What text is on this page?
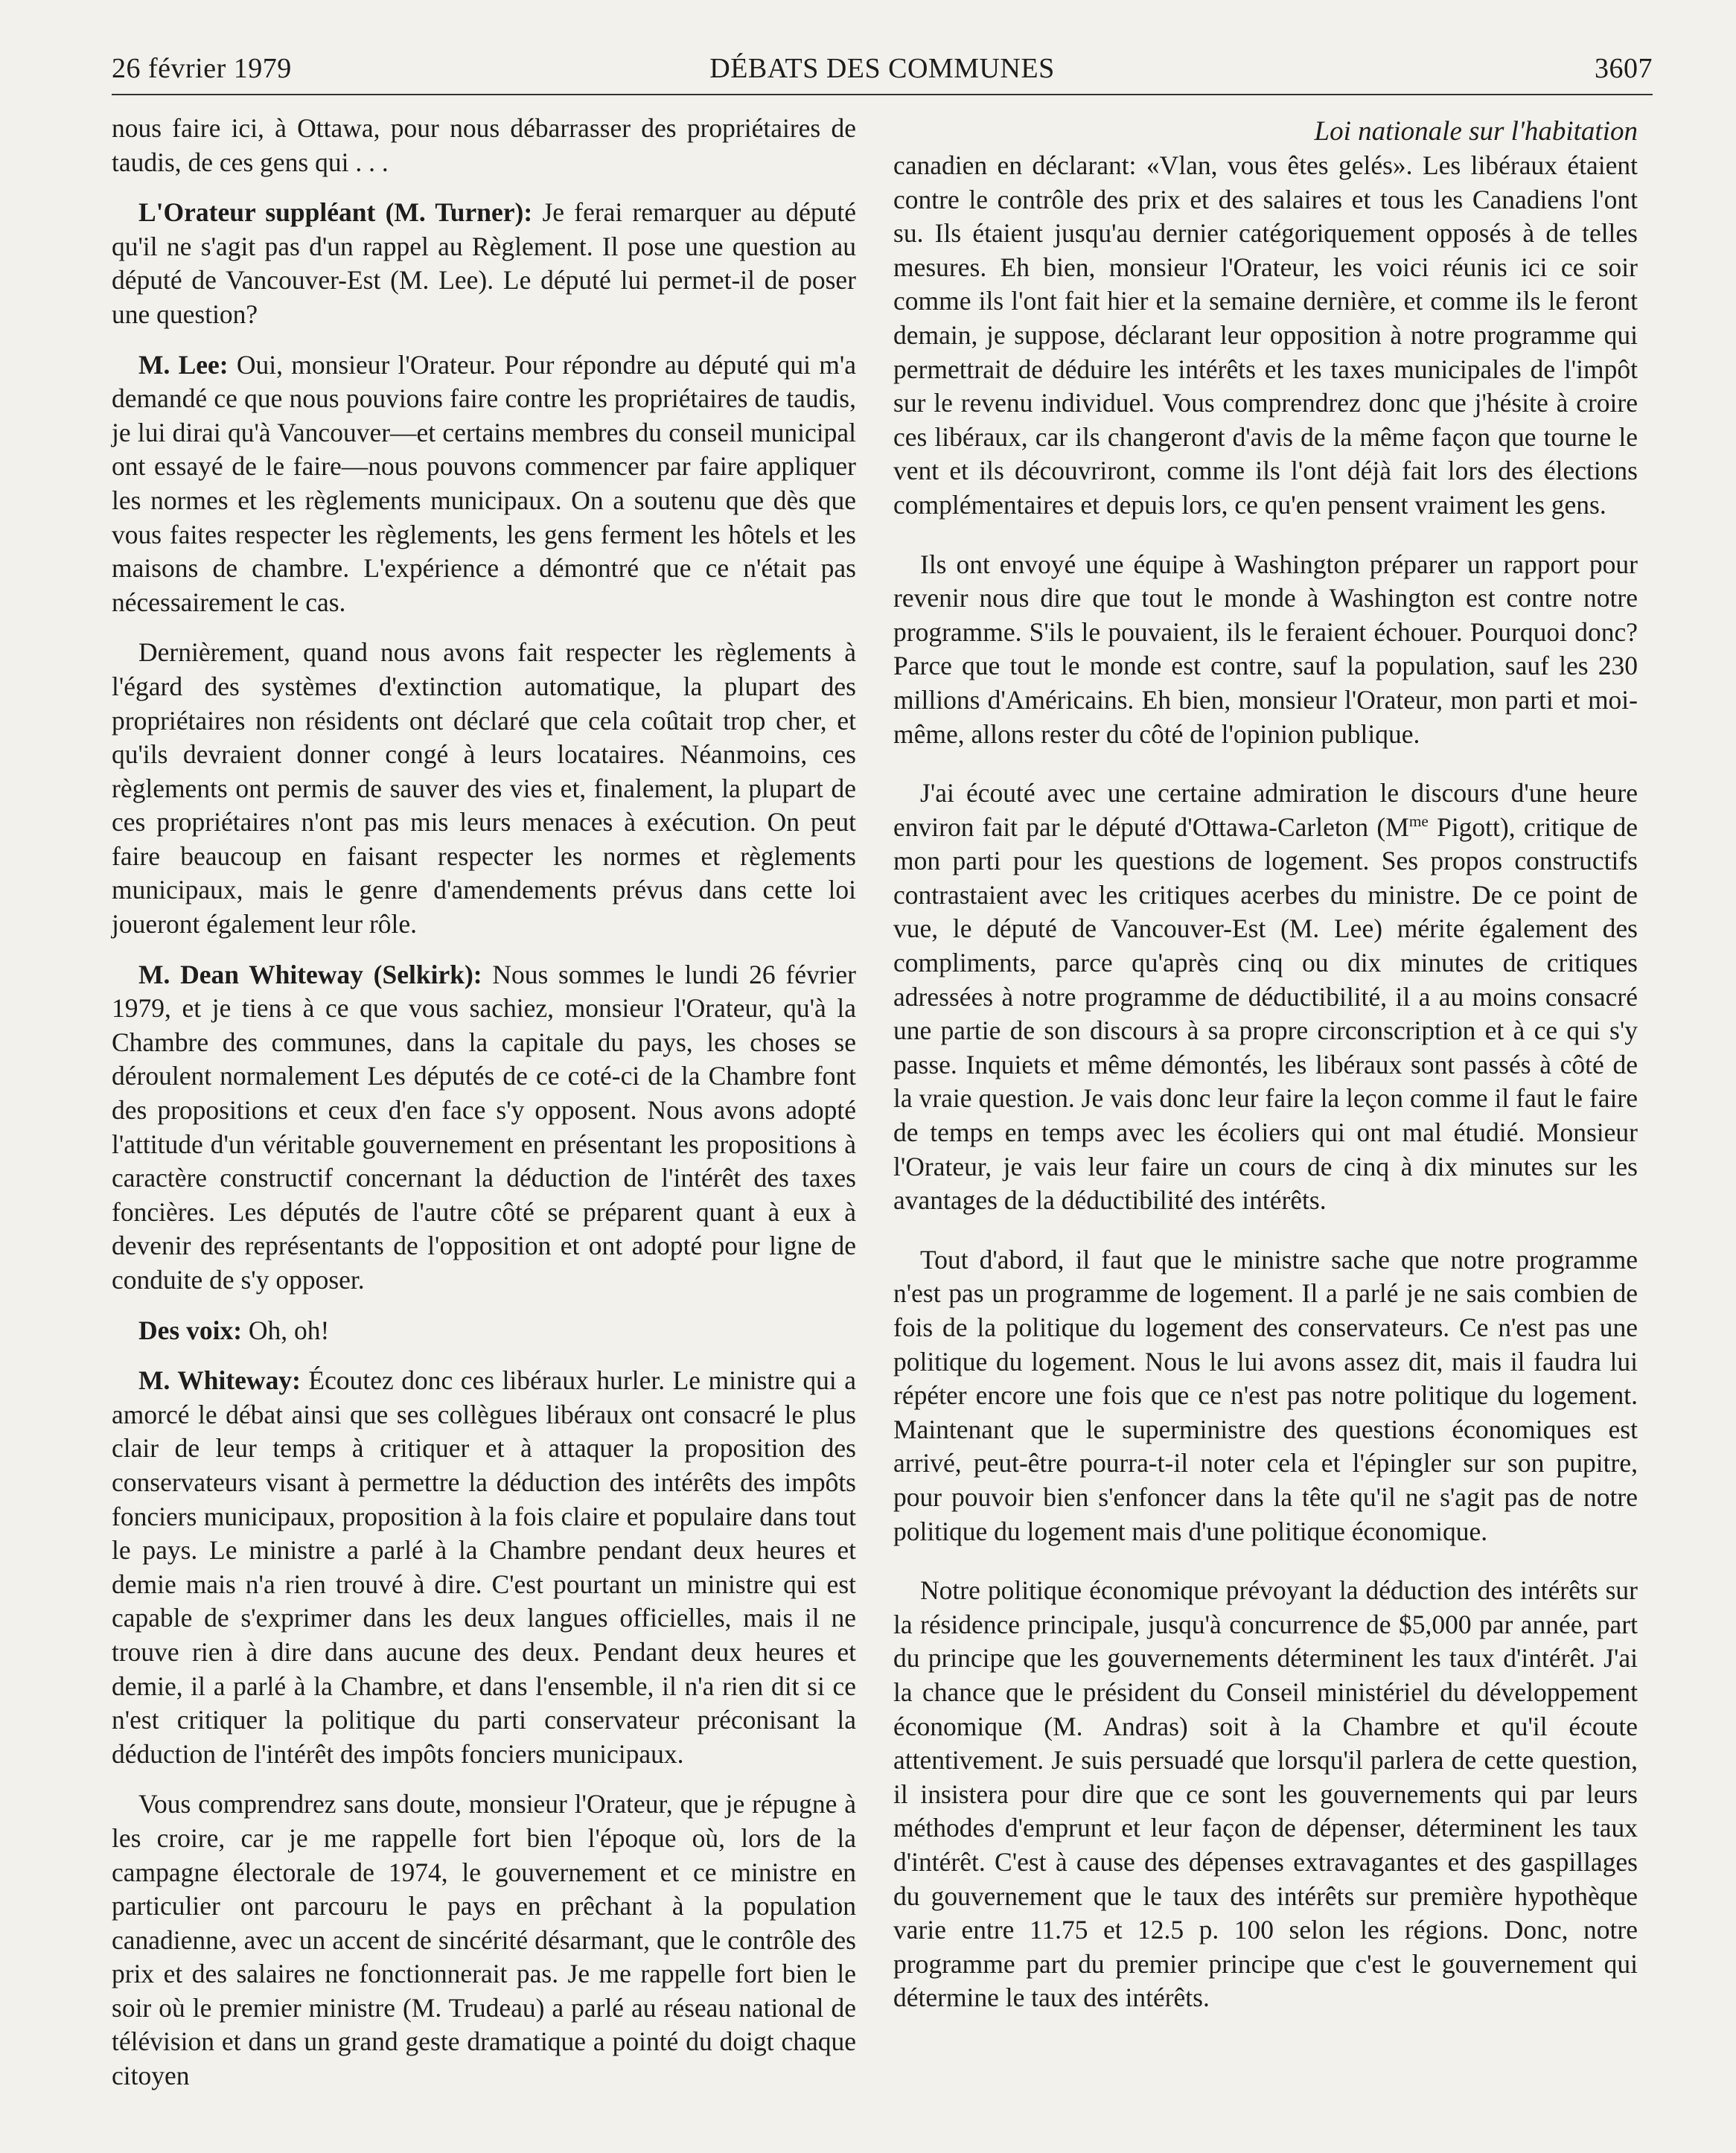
26 février 1979	DÉBATS DES COMMUNES	3607

nous faire ici, à Ottawa, pour nous débarrasser des propriétaires de taudis, de ces gens qui . . .

L'Orateur suppléant (M. Turner): Je ferai remarquer au député qu'il ne s'agit pas d'un rappel au Règlement. Il pose une question au député de Vancouver-Est (M. Lee). Le député lui permet-il de poser une question?

M. Lee: Oui, monsieur l'Orateur. Pour répondre au député qui m'a demandé ce que nous pouvions faire contre les propriétaires de taudis, je lui dirai qu'à Vancouver—et certains membres du conseil municipal ont essayé de le faire—nous pouvons commencer par faire appliquer les normes et les règlements municipaux. On a soutenu que dès que vous faites respecter les règlements, les gens ferment les hôtels et les maisons de chambre. L'expérience a démontré que ce n'était pas nécessairement le cas.

Dernièrement, quand nous avons fait respecter les règlements à l'égard des systèmes d'extinction automatique, la plupart des propriétaires non résidents ont déclaré que cela coûtait trop cher, et qu'ils devraient donner congé à leurs locataires. Néanmoins, ces règlements ont permis de sauver des vies et, finalement, la plupart de ces propriétaires n'ont pas mis leurs menaces à exécution. On peut faire beaucoup en faisant respecter les normes et règlements municipaux, mais le genre d'amendements prévus dans cette loi joueront également leur rôle.

M. Dean Whiteway (Selkirk): Nous sommes le lundi 26 février 1979, et je tiens à ce que vous sachiez, monsieur l'Orateur, qu'à la Chambre des communes, dans la capitale du pays, les choses se déroulent normalement Les députés de ce coté-ci de la Chambre font des propositions et ceux d'en face s'y opposent. Nous avons adopté l'attitude d'un véritable gouvernement en présentant les propositions à caractère constructif concernant la déduction de l'intérêt des taxes foncières. Les députés de l'autre côté se préparent quant à eux à devenir des représentants de l'opposition et ont adopté pour ligne de conduite de s'y opposer.

Des voix: Oh, oh!

M. Whiteway: Écoutez donc ces libéraux hurler. Le ministre qui a amorcé le débat ainsi que ses collègues libéraux ont consacré le plus clair de leur temps à critiquer et à attaquer la proposition des conservateurs visant à permettre la déduction des intérêts des impôts fonciers municipaux, proposition à la fois claire et populaire dans tout le pays. Le ministre a parlé à la Chambre pendant deux heures et demie mais n'a rien trouvé à dire. C'est pourtant un ministre qui est capable de s'exprimer dans les deux langues officielles, mais il ne trouve rien à dire dans aucune des deux. Pendant deux heures et demie, il a parlé à la Chambre, et dans l'ensemble, il n'a rien dit si ce n'est critiquer la politique du parti conservateur préconisant la déduction de l'intérêt des impôts fonciers municipaux.

Vous comprendrez sans doute, monsieur l'Orateur, que je répugne à les croire, car je me rappelle fort bien l'époque où, lors de la campagne électorale de 1974, le gouvernement et ce ministre en particulier ont parcouru le pays en prêchant à la population canadienne, avec un accent de sincérité désarmant, que le contrôle des prix et des salaires ne fonctionnerait pas. Je me rappelle fort bien le soir où le premier ministre (M. Trudeau) a parlé au réseau national de télévision et dans un grand geste dramatique a pointé du doigt chaque citoyen

Loi nationale sur l'habitation

canadien en déclarant: «Vlan, vous êtes gelés». Les libéraux étaient contre le contrôle des prix et des salaires et tous les Canadiens l'ont su. Ils étaient jusqu'au dernier catégoriquement opposés à de telles mesures. Eh bien, monsieur l'Orateur, les voici réunis ici ce soir comme ils l'ont fait hier et la semaine dernière, et comme ils le feront demain, je suppose, déclarant leur opposition à notre programme qui permettrait de déduire les intérêts et les taxes municipales de l'impôt sur le revenu individuel. Vous comprendrez donc que j'hésite à croire ces libéraux, car ils changeront d'avis de la même façon que tourne le vent et ils découvriront, comme ils l'ont déjà fait lors des élections complémentaires et depuis lors, ce qu'en pensent vraiment les gens.

Ils ont envoyé une équipe à Washington préparer un rapport pour revenir nous dire que tout le monde à Washington est contre notre programme. S'ils le pouvaient, ils le feraient échouer. Pourquoi donc? Parce que tout le monde est contre, sauf la population, sauf les 230 millions d'Américains. Eh bien, monsieur l'Orateur, mon parti et moi-même, allons rester du côté de l'opinion publique.

J'ai écouté avec une certaine admiration le discours d'une heure environ fait par le député d'Ottawa-Carleton ($M^{me}$ Pigott), critique de mon parti pour les questions de logement. Ses propos constructifs contrastaient avec les critiques acerbes du ministre. De ce point de vue, le député de Vancouver-Est (M. Lee) mérite également des compliments, parce qu'après cinq ou dix minutes de critiques adressées à notre programme de déductibilité, il a au moins consacré une partie de son discours à sa propre circonscription et à ce qui s'y passe. Inquiets et même démontés, les libéraux sont passés à côté de la vraie question. Je vais donc leur faire la leçon comme il faut le faire de temps en temps avec les écoliers qui ont mal étudié. Monsieur l'Orateur, je vais leur faire un cours de cinq à dix minutes sur les avantages de la déductibilité des intérêts.

Tout d'abord, il faut que le ministre sache que notre programme n'est pas un programme de logement. Il a parlé je ne sais combien de fois de la politique du logement des conservateurs. Ce n'est pas une politique du logement. Nous le lui avons assez dit, mais il faudra lui répéter encore une fois que ce n'est pas notre politique du logement. Maintenant que le superministre des questions économiques est arrivé, peut-être pourra-t-il noter cela et l'épingler sur son pupitre, pour pouvoir bien s'enfoncer dans la tête qu'il ne s'agit pas de notre politique du logement mais d'une politique économique.

Notre politique économique prévoyant la déduction des intérêts sur la résidence principale, jusqu'à concurrence de $5,000 par année, part du principe que les gouvernements déterminent les taux d'intérêt. J'ai la chance que le président du Conseil ministériel du développement économique (M. Andras) soit à la Chambre et qu'il écoute attentivement. Je suis persuadé que lorsqu'il parlera de cette question, il insistera pour dire que ce sont les gouvernements qui par leurs méthodes d'emprunt et leur façon de dépenser, déterminent les taux d'intérêt. C'est à cause des dépenses extravagantes et des gaspillages du gouvernement que le taux des intérêts sur première hypothèque varie entre 11.75 et 12.5 p. 100 selon les régions. Donc, notre programme part du premier principe que c'est le gouvernement qui détermine le taux des intérêts.
